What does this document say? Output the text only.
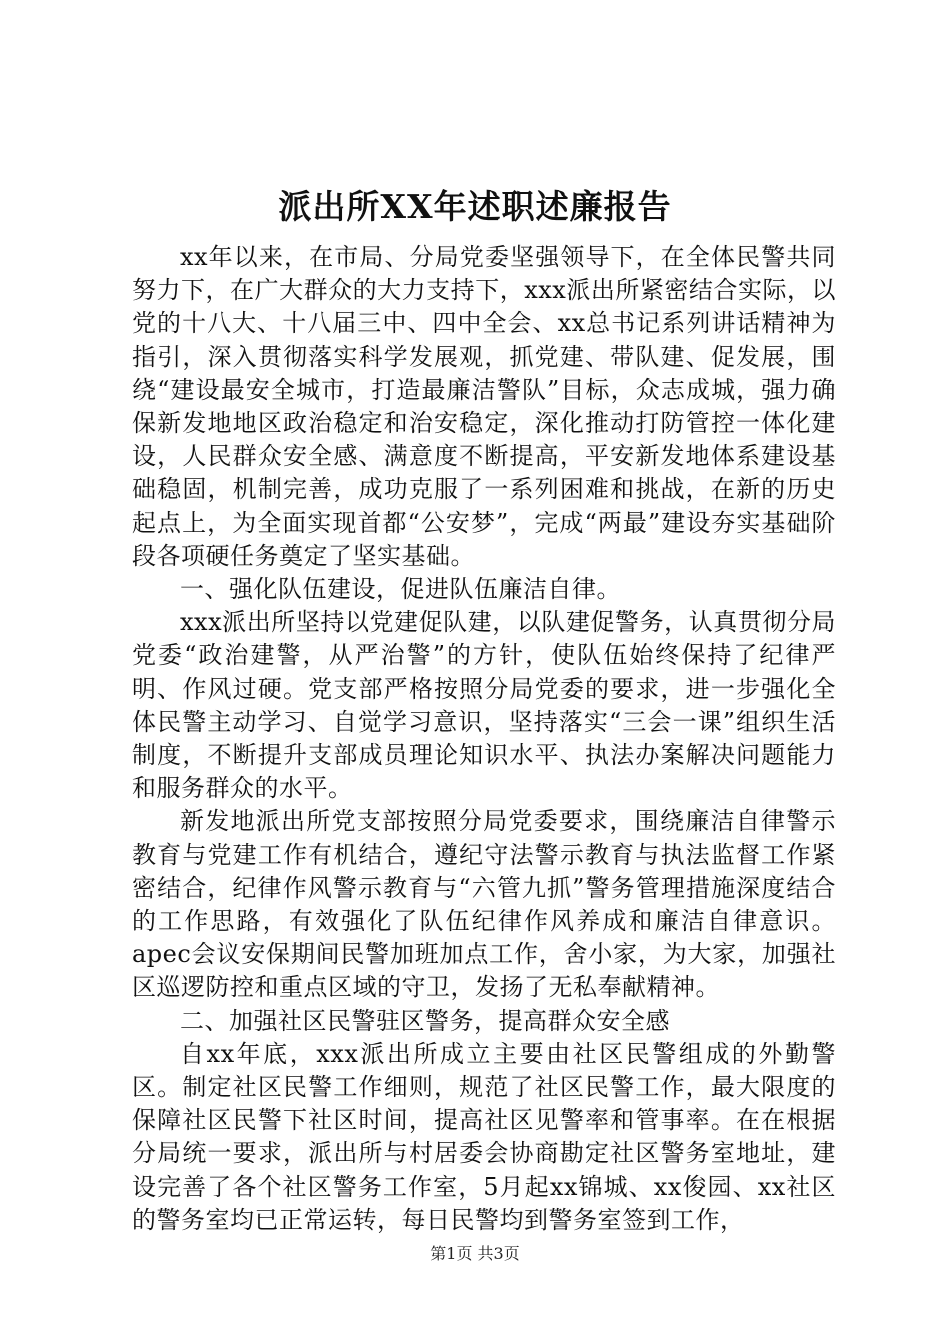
派出所XX年述职述廉报告

xx年以来，在市局、分局党委坚强领导下，在全体民警共同努力下，在广大群众的大力支持下，xxx派出所紧密结合实际，以党的十八大、十八届三中、四中全会、xx总书记系列讲话精神为指引，深入贯彻落实科学发展观，抓党建、带队建、促发展，围绕“建设最安全城市，打造最廉洁警队”目标，众志成城，强力确保新发地地区政治稳定和治安稳定，深化推动打防管控一体化建设，人民群众安全感、满意度不断提高，平安新发地体系建设基础稳固，机制完善，成功克服了一系列困难和挑战，在新的历史起点上，为全面实现首都“公安梦”，完成“两最”建设夯实基础阶段各项硬任务奠定了坚实基础。

一、强化队伍建设，促进队伍廉洁自律。

xxx派出所坚持以党建促队建，以队建促警务，认真贯彻分局党委“政治建警，从严治警”的方针，使队伍始终保持了纪律严明、作风过硬。党支部严格按照分局党委的要求，进一步强化全体民警主动学习、自觉学习意识，坚持落实“三会一课”组织生活制度，不断提升支部成员理论知识水平、执法办案解决问题能力和服务群众的水平。

新发地派出所党支部按照分局党委要求，围绕廉洁自律警示教育与党建工作有机结合，遵纪守法警示教育与执法监督工作紧密结合，纪律作风警示教育与“六管九抓”警务管理措施深度结合的工作思路，有效强化了队伍纪律作风养成和廉洁自律意识。apec会议安保期间民警加班加点工作，舍小家，为大家，加强社区巡逻防控和重点区域的守卫，发扬了无私奉献精神。

二、加强社区民警驻区警务，提高群众安全感

自xx年底，xxx派出所成立主要由社区民警组成的外勤警区。制定社区民警工作细则，规范了社区民警工作，最大限度的保障社区民警下社区时间，提高社区见警率和管事率。在在根据分局统一要求，派出所与村居委会协商勘定社区警务室地址，建设完善了各个社区警务工作室，5月起xx锦城、xx俊园、xx社区的警务室均已正常运转，每日民警均到警务室签到工作，

第1页 共3页
